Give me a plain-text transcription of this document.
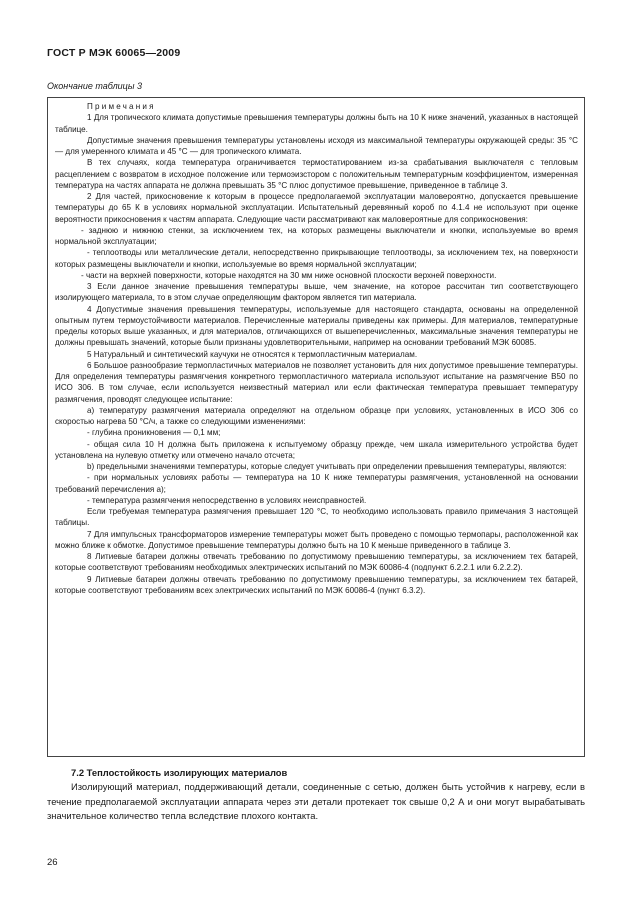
ГОСТ Р МЭК 60065—2009
Окончание таблицы 3

Примечания

1 Для тропического климата допустимые превышения температуры должны быть на 10 К ниже значений, указанных в настоящей таблице.

Допустимые значения превышения температуры установлены исходя из максимальной температуры окружающей среды: 35 °С — для умеренного климата и 45 °С — для тропического климата.

В тех случаях, когда температура ограничивается термостатированием из-за срабатывания выключателя с тепловым расцеплением с возвратом в исходное положение или термоэизстором с положительным температурным коэффициентом, измеренная температура на частях аппарата не должна превышать 35 °С плюс допустимое превышение, приведенное в таблице 3.

2 Для частей, прикосновение к которым в процессе предполагаемой эксплуатации маловероятно, допускается превышение температуры до 65 К в условиях нормальной эксплуатации. Испытательный деревянный короб по 4.1.4 не используют при оценке вероятности прикосновения к частям аппарата. Следующие части рассматривают как маловероятные для соприкосновения:

- заднюю и нижнюю стенки, за исключением тех, на которых размещены выключатели и кнопки, используемые во время нормальной эксплуатации;

- теплоотводы или металлические детали, непосредственно прикрывающие теплоотводы, за исключением тех, на поверхности которых размещены выключатели и кнопки, используемые во время нормальной эксплуатации;

- части на верхней поверхности, которые находятся на 30 мм ниже основной плоскости верхней поверхности.

3 Если данное значение превышения температуры выше, чем значение, на которое рассчитан тип соответствующего изолирующего материала, то в этом случае определяющим фактором является тип материала.

4 Допустимые значения превышения температуры, используемые для настоящего стандарта, основаны на определенной опытным путем термоустойчивости материалов. Перечисленные материалы приведены как примеры. Для материалов, температурные пределы которых выше указанных, и для материалов, отличающихся от вышеперечисленных, максимальные значения температуры не должны превышать значений, которые были признаны удовлетворительными, например на основании требований МЭК 60085.

5 Натуральный и синтетический каучуки не относятся к термопластичным материалам.

6 Большое разнообразие термопластичных материалов не позволяет установить для них допустимое превышение температуры. Для определения температуры размягчения конкретного термопластичного материала используют испытание на размягчение В50 по ИСО 306. В том случае, если используется неизвестный материал или если фактическая температура превышает температуру размягчения, проводят следующее испытание:

а) температуру размягчения материала определяют на отдельном образце при условиях, установленных в ИСО 306 со скоростью нагрева 50 °С/ч, а также со следующими изменениями:

- глубина проникновения — 0,1 мм;

- общая сила 10 Н должна быть приложена к испытуемому образцу прежде, чем шкала измерительного устройства будет установлена на нулевую отметку или отмечено начало отсчета;

b) предельными значениями температуры, которые следует учитывать при определении превышения температуры, являются:

- при нормальных условиях работы — температура на 10 К ниже температуры размягчения, установленной на основании требований перечисления а);

- температура размягчения непосредственно в условиях неисправностей.

Если требуемая температура размягчения превышает 120 °С, то необходимо использовать правило примечания 3 настоящей таблицы.

7 Для импульсных трансформаторов измерение температуры может быть проведено с помощью термопары, расположенной как можно ближе к обмотке. Допустимое превышение температуры должно быть на 10 К меньше приведенного в таблице 3.

8 Литиевые батареи должны отвечать требованию по допустимому превышению температуры, за исключением тех батарей, которые соответствуют требованиям необходимых электрических испытаний по МЭК 60086-4 (подпункт 6.2.2.1 или 6.2.2.2).

9 Литиевые батареи должны отвечать требованию по допустимому превышению температуры, за исключением тех батарей, которые соответствуют требованиям всех электрических испытаний по МЭК 60086-4 (пункт 6.3.2).

7.2 Теплостойкость изолирующих материалов

Изолирующий материал, поддерживающий детали, соединенные с сетью, должен быть устойчив к нагреву, если в течение предполагаемой эксплуатации аппарата через эти детали протекает ток свыше 0,2 А и они могут вырабатывать значительное количество тепла вследствие плохого контакта.

26
